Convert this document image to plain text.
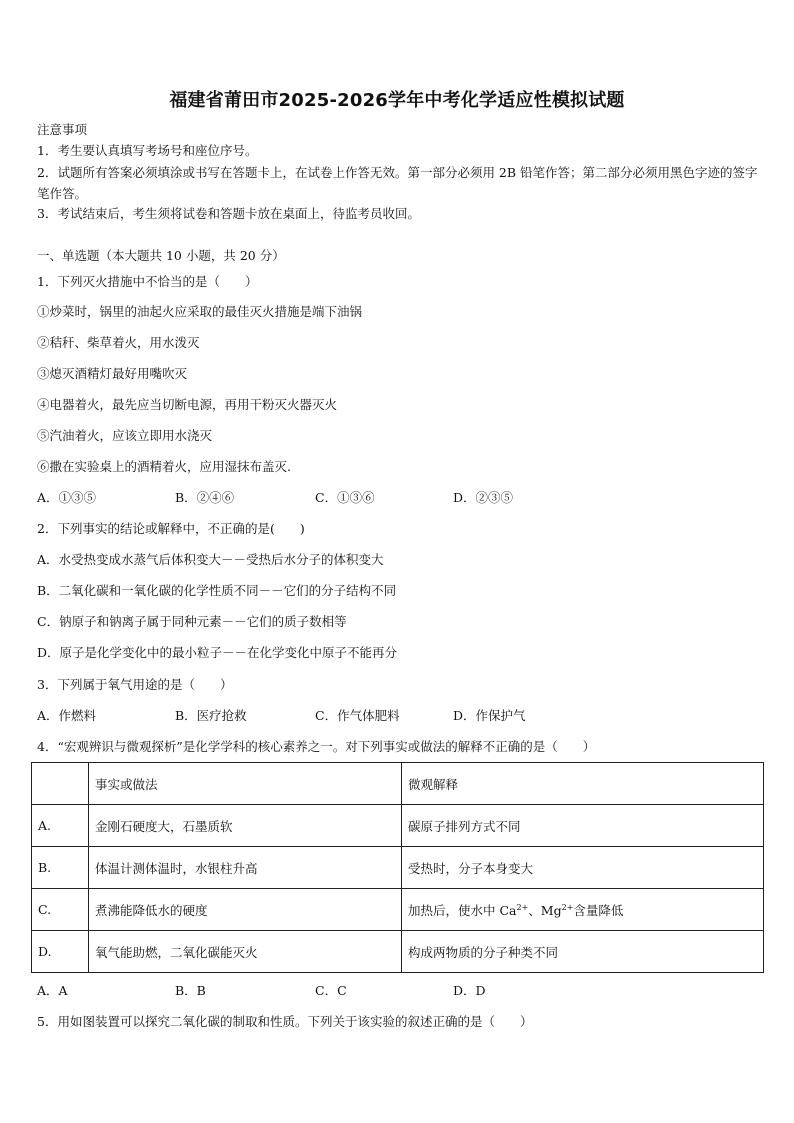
福建省莆田市2025-2026学年中考化学适应性模拟试题
注意事项
1．考生要认真填写考场号和座位序号。
2．试题所有答案必须填涂或书写在答题卡上，在试卷上作答无效。第一部分必须用 2B 铅笔作答；第二部分必须用黑色字迹的签字笔作答。
3．考试结束后，考生须将试卷和答题卡放在桌面上，待监考员收回。
一、单选题（本大题共 10 小题，共 20 分）
1．下列灭火措施中不恰当的是（　　）
①炒菜时，锅里的油起火应采取的最佳灭火措施是端下油锅
②秸秆、柴草着火，用水泼灭
③熄灭酒精灯最好用嘴吹灭
④电器着火，最先应当切断电源，再用干粉灭火器灭火
⑤汽油着火，应该立即用水浇灭
⑥撒在实验桌上的酒精着火，应用湿抹布盖灭.
A．①③⑤	B．②④⑥	C．①③⑥	D．②③⑤
2．下列事实的结论或解释中，不正确的是(　　)
A．水受热变成水蒸气后体积变大－－受热后水分子的体积变大
B．二氧化碳和一氧化碳的化学性质不同－－它们的分子结构不同
C．钠原子和钠离子属于同种元素－－它们的质子数相等
D．原子是化学变化中的最小粒子－－在化学变化中原子不能再分
3．下列属于氧气用途的是（　　）
A．作燃料	B．医疗抢救	C．作气体肥料	D．作保护气
4．“宏观辨识与微观探析”是化学学科的核心素养之一。对下列事实或做法的解释不正确的是（　　）
	事实或做法	微观解释
A.	金刚石硬度大，石墨质软	碳原子排列方式不同
B.	体温计测体温时，水银柱升高	受热时，分子本身变大
C.	煮沸能降低水的硬度	加热后，使水中 $Ca^{2+}$、$Mg^{2+}$含量降低
D.	氧气能助燃，二氧化碳能灭火	构成两物质的分子种类不同
A．A	B．B	C．C	D．D
5．用如图装置可以探究二氧化碳的制取和性质。下列关于该实验的叙述正确的是（　　）
